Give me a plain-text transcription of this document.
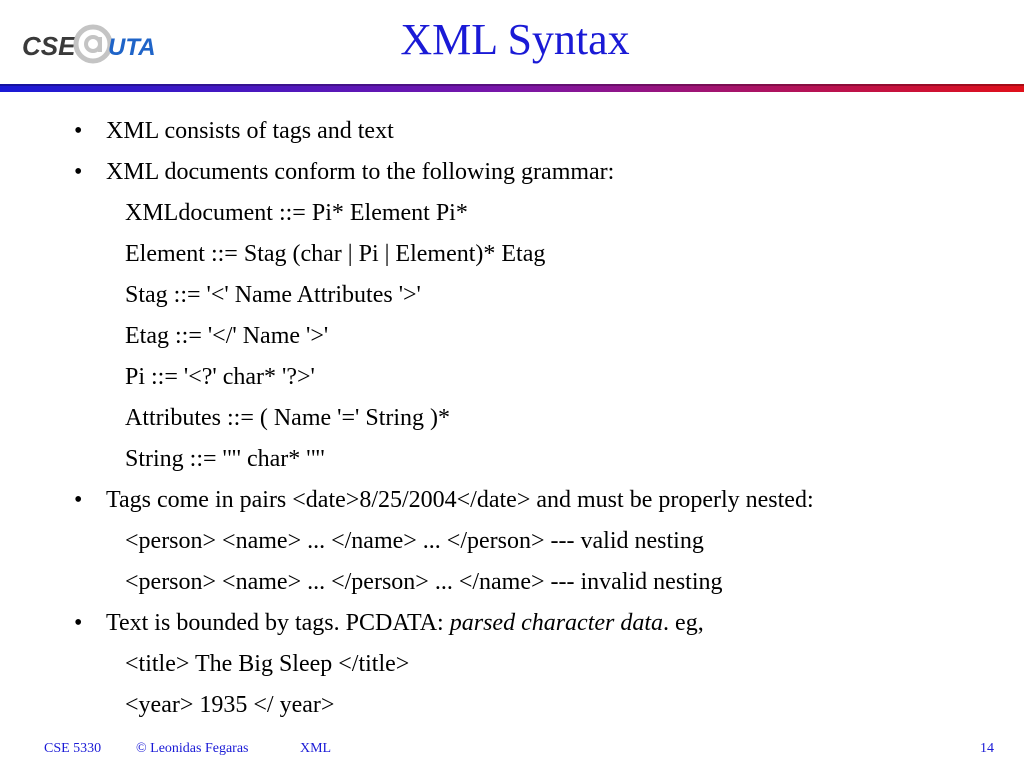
CSE UTA	XML Syntax
• XML consists of tags and text
• XML documents conform to the following grammar:
XMLdocument ::= Pi* Element Pi*
Element ::= Stag (char | Pi | Element)* Etag
Stag ::= '<' Name Attributes '>'
Etag ::= '</' Name '>'
Pi ::= '<?' char* '?>'
Attributes ::= ( Name '=' String )*
String ::= '"' char* '"'
• Tags come in pairs <date>8/25/2004</date> and must be properly nested:
<person> <name> ... </name> ... </person> --- valid nesting
<person> <name> ... </person> ... </name> --- invalid nesting
• Text is bounded by tags. PCDATA: parsed character data. eg,
<title> The Big Sleep </title>
<year> 1935 </ year>
CSE 5330 © Leonidas Fegaras	XML	14
